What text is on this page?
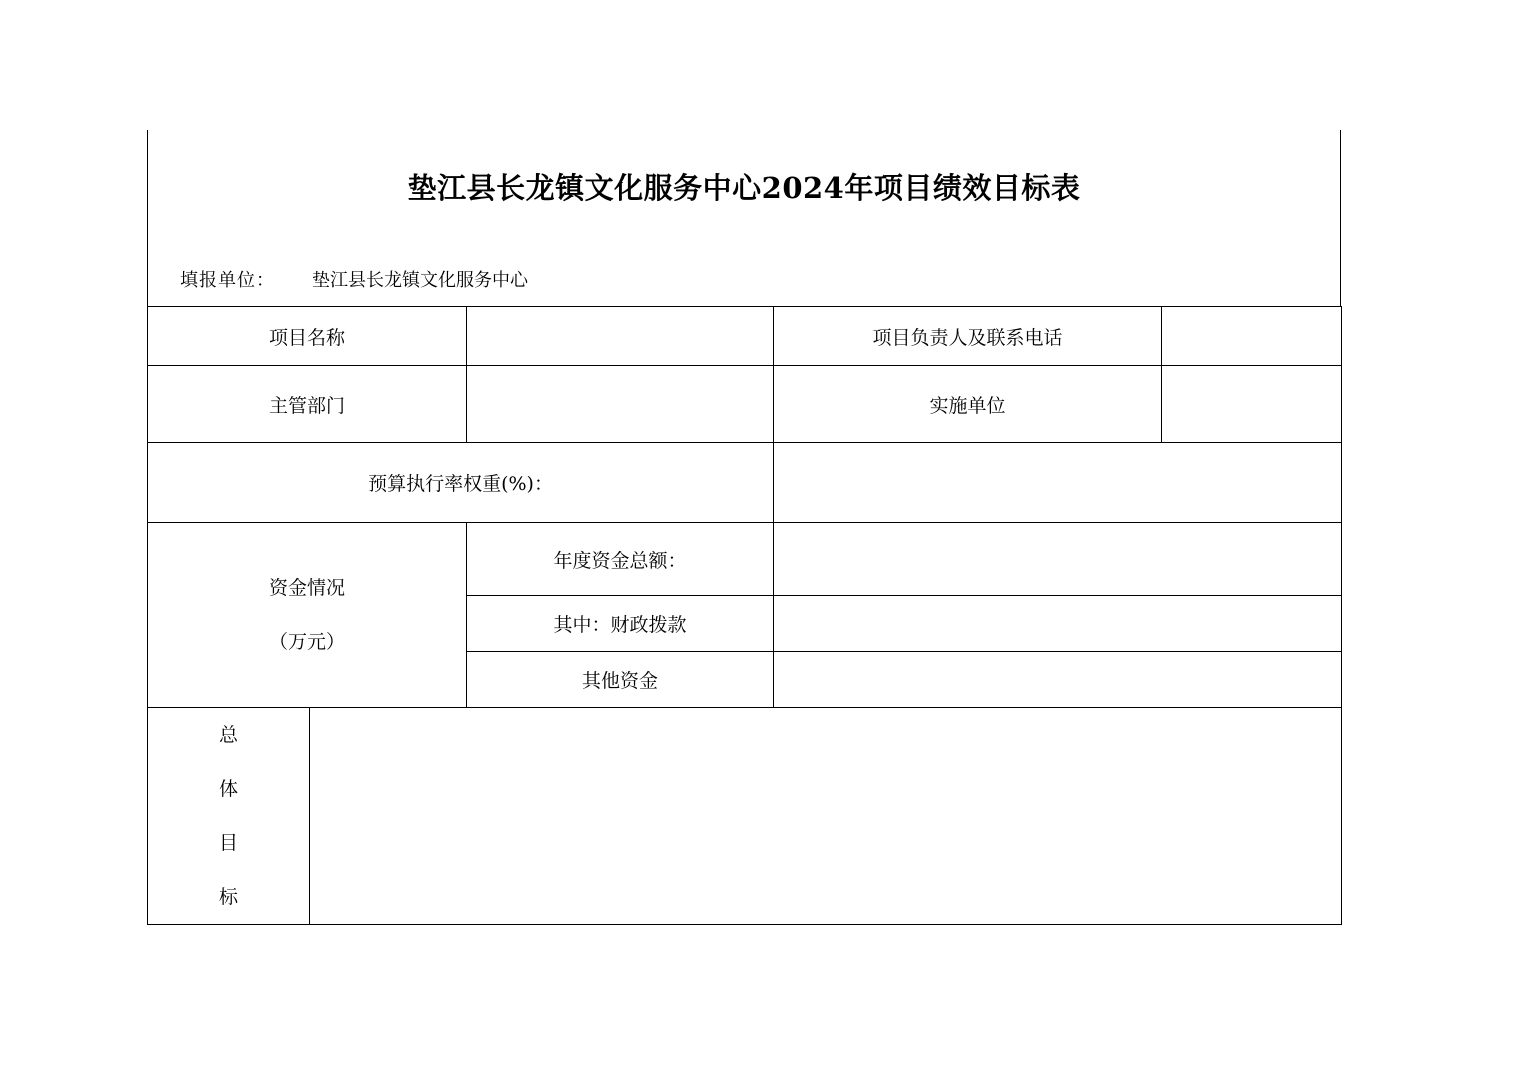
垫江县长龙镇文化服务中心2024年项目绩效目标表
填报单位： 垫江县长龙镇文化服务中心
项目名称			项目负责人及联系电话	
主管部门			实施单位	
预算执行率权重(%)：				

资金情况
（万元）		年度资金总额：		
		其中：财政拨款		
		其他资金		

总
体
目
标				
